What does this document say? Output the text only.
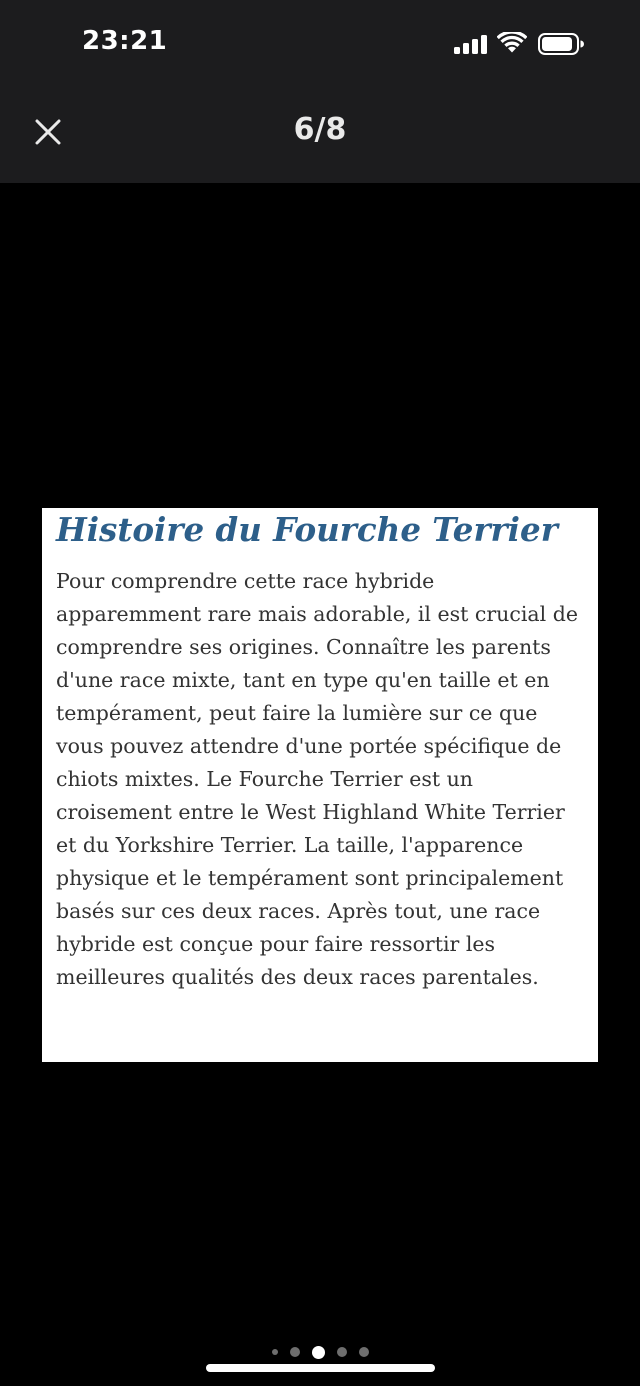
23:21
6/8
Histoire du Fourche Terrier

Pour comprendre cette race hybride apparemment rare mais adorable, il est crucial de comprendre ses origines. Connaître les parents d'une race mixte, tant en type qu'en taille et en tempérament, peut faire la lumière sur ce que vous pouvez attendre d'une portée spécifique de chiots mixtes. Le Fourche Terrier est un croisement entre le West Highland White Terrier et du Yorkshire Terrier. La taille, l'apparence physique et le tempérament sont principalement basés sur ces deux races. Après tout, une race hybride est conçue pour faire ressortir les meilleures qualités des deux races parentales.
